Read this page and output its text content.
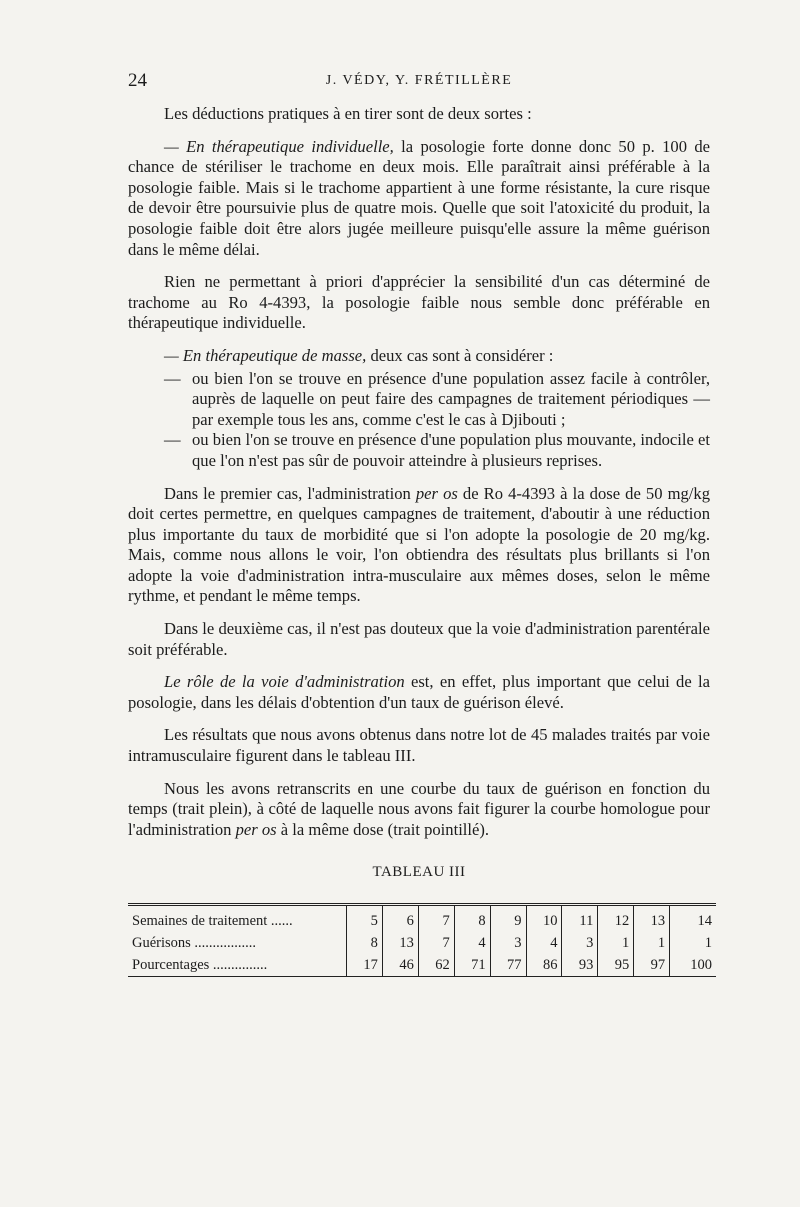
24	J. VÉDY, Y. FRÉTILLÈRE

Les déductions pratiques à en tirer sont de deux sortes :

— En thérapeutique individuelle, la posologie forte donne donc 50 p. 100 de chance de stériliser le trachome en deux mois. Elle paraîtrait ainsi préférable à la posologie faible. Mais si le trachome appartient à une forme résistante, la cure risque de devoir être poursuivie plus de quatre mois. Quelle que soit l'atoxicité du produit, la posologie faible doit être alors jugée meilleure puisqu'elle assure la même guérison dans le même délai.

Rien ne permettant à priori d'apprécier la sensibilité d'un cas déterminé de trachome au Ro 4-4393, la posologie faible nous semble donc préférable en thérapeutique individuelle.

— En thérapeutique de masse, deux cas sont à considérer :

— ou bien l'on se trouve en présence d'une population assez facile à contrôler, auprès de laquelle on peut faire des campagnes de traitement périodiques — par exemple tous les ans, comme c'est le cas à Djibouti ;
— ou bien l'on se trouve en présence d'une population plus mouvante, indocile et que l'on n'est pas sûr de pouvoir atteindre à plusieurs reprises.

Dans le premier cas, l'administration per os de Ro 4-4393 à la dose de 50 mg/kg doit certes permettre, en quelques campagnes de traitement, d'aboutir à une réduction plus importante du taux de morbidité que si l'on adopte la posologie de 20 mg/kg. Mais, comme nous allons le voir, l'on obtiendra des résultats plus brillants si l'on adopte la voie d'administration intra-musculaire aux mêmes doses, selon le même rythme, et pendant le même temps.

Dans le deuxième cas, il n'est pas douteux que la voie d'administration parentérale soit préférable.

Le rôle de la voie d'administration est, en effet, plus important que celui de la posologie, dans les délais d'obtention d'un taux de guérison élevé.

Les résultats que nous avons obtenus dans notre lot de 45 malades traités par voie intramusculaire figurent dans le tableau III.

Nous les avons retranscrits en une courbe du taux de guérison en fonction du temps (trait plein), à côté de laquelle nous avons fait figurer la courbe homologue pour l'administration per os à la même dose (trait pointillé).

TABLEAU III
Semaines de traitement ......	5	6	7	8	9	10	11	12	13	14
Guérisons .................	8	13	7	4	3	4	3	1	1	1
Pourcentages ...............	17	46	62	71	77	86	93	95	97	100
